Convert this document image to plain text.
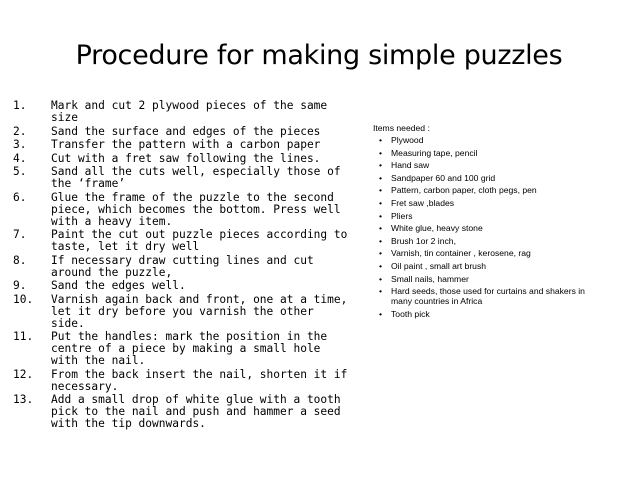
Procedure for making simple puzzles
1.	Mark and cut 2 plywood pieces of the same size
2.	Sand the surface and edges of the pieces
3.	Transfer the pattern with a carbon paper
4.	Cut with a fret saw following the lines.
5.	Sand all the cuts well, especially those of the ‘frame’
6.	Glue the frame of the puzzle to the second piece, which becomes the bottom. Press well with a heavy item.
7.	Paint the cut out puzzle pieces according to taste, let it dry well
8.	If necessary draw cutting lines and cut around the puzzle,
9.	Sand the edges well.
10.	Varnish again back and front, one at a time, let it dry before you varnish the other side.
11.	Put the handles: mark the position in the centre of a piece by making a small hole with the nail.
12.	From the back insert the nail, shorten it if necessary.
13.	Add a small drop of white glue with a tooth pick to the nail and push and hammer a seed with the tip downwards.
Items needed :
•	Plywood
•	Measuring tape, pencil
•	Hand saw
•	Sandpaper 60 and 100 grid
•	Pattern, carbon paper, cloth pegs, pen
•	Fret saw ,blades
•	Pliers
•	White glue, heavy stone
•	Brush 1or 2 inch,
•	Varnish, tin container , kerosene, rag
•	Oil paint , small art brush
•	Small nails, hammer
•	Hard seeds, those used for curtains and shakers in many countries in Africa
•	Tooth pick
